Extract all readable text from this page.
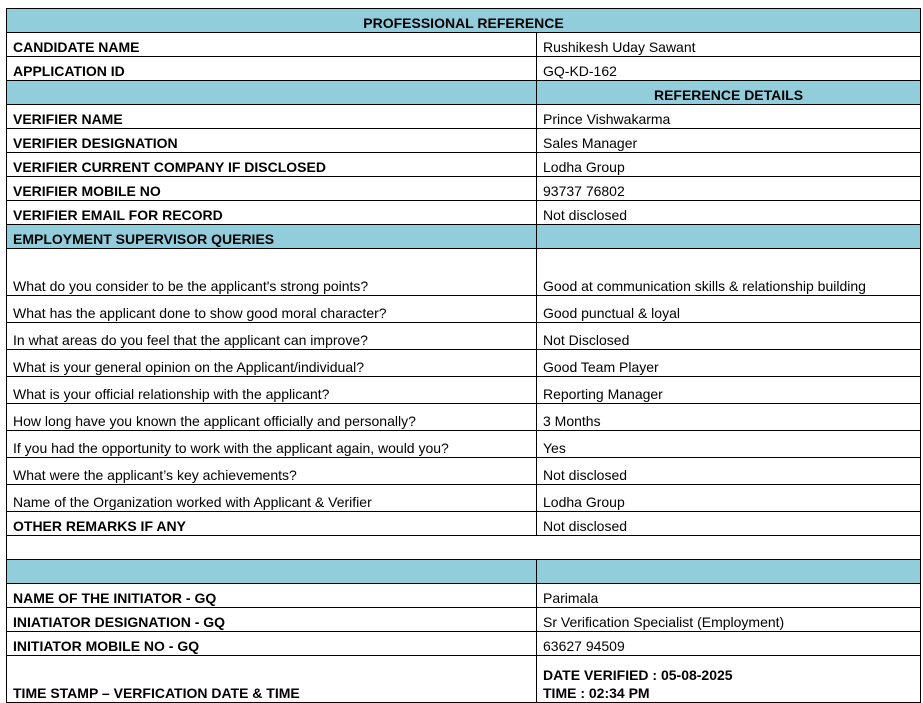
PROFESSIONAL REFERENCE	
CANDIDATE NAME	Rushikesh Uday Sawant
APPLICATION ID	GQ-KD-162
	REFERENCE DETAILS
VERIFIER NAME	Prince Vishwakarma
VERIFIER DESIGNATION	Sales Manager
VERIFIER CURRENT COMPANY IF DISCLOSED	Lodha Group
VERIFIER MOBILE NO	93737 76802
VERIFIER EMAIL FOR RECORD	Not disclosed
EMPLOYMENT SUPERVISOR QUERIES	
What do you consider to be the applicant's strong points?	Good at communication skills & relationship building
What has the applicant done to show good moral character?	Good punctual & loyal
In what areas do you feel that the applicant can improve?	Not Disclosed
What is your general opinion on the Applicant/individual?	Good Team Player
What is your official relationship with the applicant?	Reporting Manager
How long have you known the applicant officially and personally?	3 Months
If you had the opportunity to work with the applicant again, would you?	Yes
What were the applicant’s key achievements?	Not disclosed
Name of the Organization worked with Applicant & Verifier	Lodha Group
OTHER REMARKS IF ANY	Not disclosed

NAME OF THE INITIATOR - GQ	Parimala
INIATIATOR DESIGNATION - GQ	Sr Verification Specialist (Employment)
INITIATOR MOBILE NO - GQ	63627 94509
TIME STAMP – VERFICATION DATE & TIME	DATE VERIFIED : 05-08-2025
TIME : 02:34 PM
